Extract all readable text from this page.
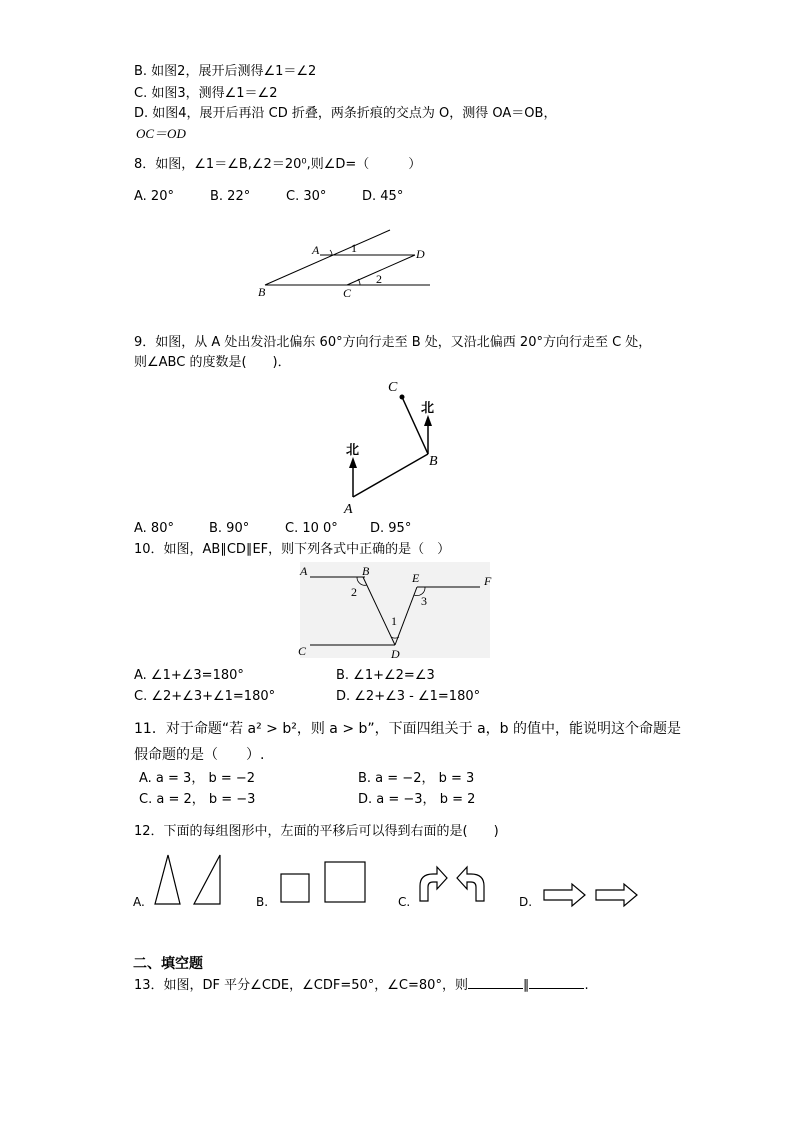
B. 如图2，展开后测得∠1＝∠2
C. 如图3，测得∠1＝∠2
D. 如图4，展开后再沿 CD 折叠，两条折痕的交点为 O，测得 OA＝OB，
OC＝OD
8．如图，∠1＝∠B,∠2＝20⁰,则∠D=（　　　）
A. 20°	B. 22°	C. 30°	D. 45°
A
B	C
D
1
2
9．如图，从 A 处出发沿北偏东 60°方向行走至 B 处，又沿北偏西 20°方向行走至 C 处，
则∠ABC 的度数是(　　)．
北
北
C
B
A
A. 80°	B. 90°	C. 10 0° D. 95°
10．如图，AB∥CD∥EF，则下列各式中正确的是（　）
A	B
C	D
E	F
1
2
3
A. ∠1+∠3=180°	B. ∠1+∠2=∠3
C. ∠2+∠3+∠1=180°	D. ∠2+∠3 - ∠1=180°
11．对于命题“若 a² > b²，则 a > b”，下面四组关于 a，b 的值中，能说明这个命题是
假命题的是（　　）.
A. a = 3， b = −2	B. a = −2， b = 3
C. a = 2， b = −3	D. a = −3， b = 2
12．下面的每组图形中，左面的平移后可以得到右面的是(　　)
A.	B.	C.	D.
二、填空题
13．如图，DF 平分∠CDE，∠CDF=50°，∠C=80°，则	∥	.
